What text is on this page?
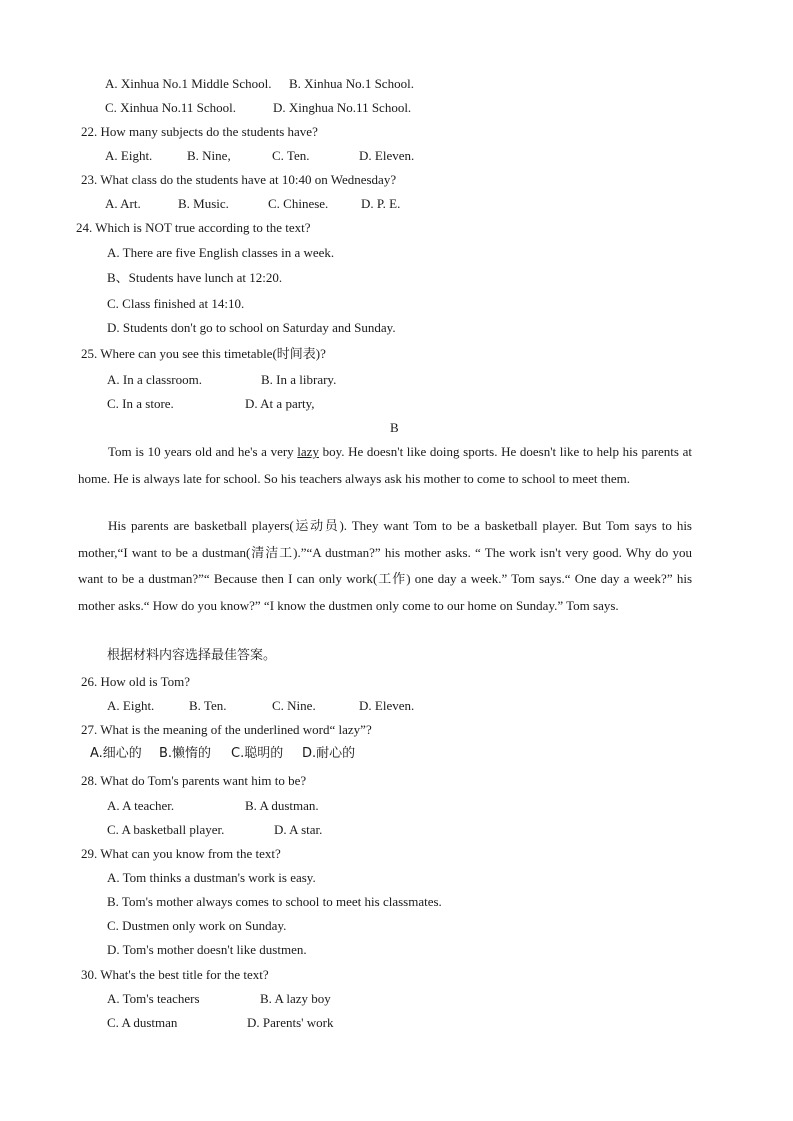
A. Xinhua No.1 Middle School. B. Xinhua No.1 School.
C. Xinhua No.11 School.	D. Xinghua No.11 School.
22. How many subjects do the students have?
A. Eight.	B. Nine,	C. Ten.	D. Eleven.
23. What class do the students have at 10:40 on Wednesday?
A. Art.	B. Music.	C. Chinese.	D. P. E.
24. Which is NOT true according to the text?
A. There are five English classes in a week.
B、Students have lunch at 12:20.
C. Class finished at 14:10.
D. Students don't go to school on Saturday and Sunday.
25. Where can you see this timetable(时间表)?
A. In a classroom.	B. In a library.
C. In a store.	D. At a party,
B
Tom is 10 years old and he's a very lazy boy. He doesn't like doing sports. He doesn't like to help his parents at home. He is always late for school. So his teachers always ask his mother to come to school to meet them.
His parents are basketball players(运动员). They want Tom to be a basketball player. But Tom says to his mother,“I want to be a dustman(清洁工).”“A dustman?” his mother asks. “ The work isn't very good. Why do you want to be a dustman?”“ Because then I can only work(工作) one day a week.” Tom says.“ One day a week?” his mother asks.“ How do you know?” “I know the dustmen only come to our home on Sunday.” Tom says.
根据材料内容选择最佳答案。
26. How old is Tom?
A. Eight.	B. Ten.	C. Nine.	D. Eleven.
27. What is the meaning of the underlined word“ lazy”?
A.细心的 B.懒惰的 C.聪明的 D.耐心的
28. What do Tom's parents want him to be?
A. A teacher.	B. A dustman.
C. A basketball player.	D. A star.
29. What can you know from the text?
A. Tom thinks a dustman's work is easy.
B. Tom's mother always comes to school to meet his classmates.
C. Dustmen only work on Sunday.
D. Tom's mother doesn't like dustmen.
30. What's the best title for the text?
A. Tom's teachers	B. A lazy boy
C. A dustman	D. Parents' work
